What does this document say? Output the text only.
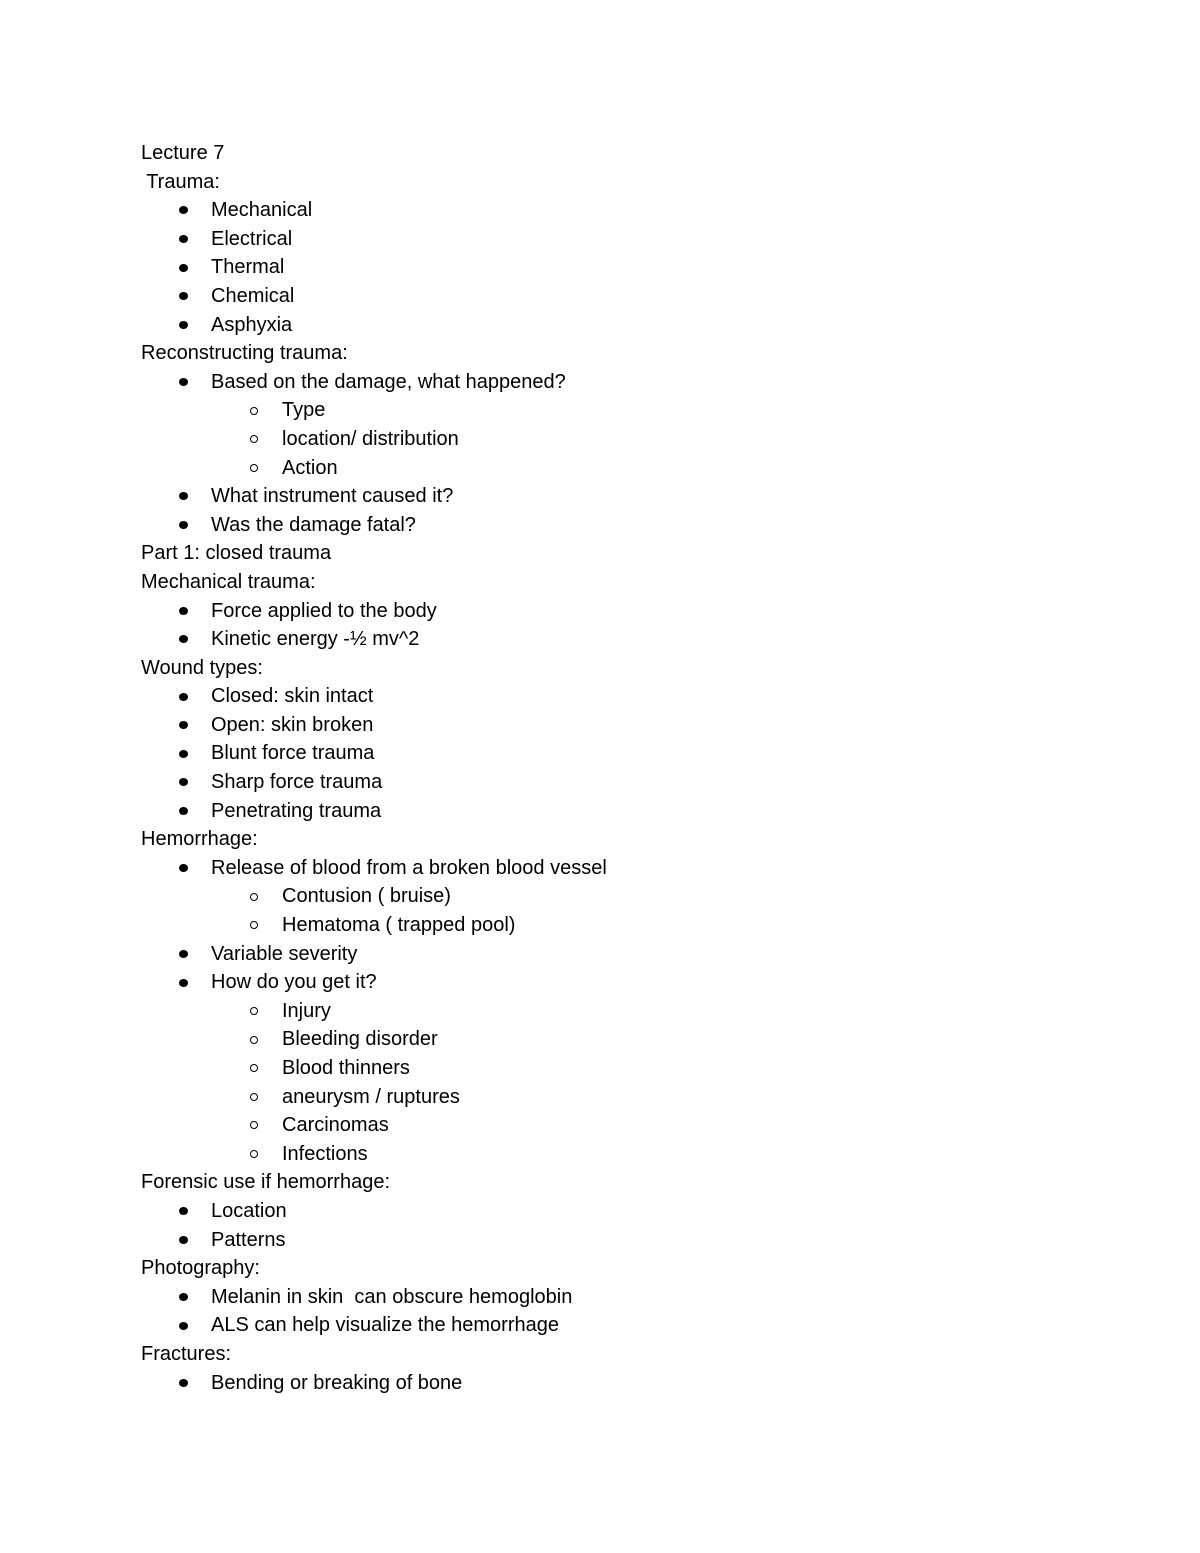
Lecture 7
Trauma:
Mechanical
Electrical
Thermal
Chemical
Asphyxia
Reconstructing trauma:
Based on the damage, what happened?
Type
location/ distribution
Action
What instrument caused it?
Was the damage fatal?
Part 1: closed trauma
Mechanical trauma:
Force applied to the body
Kinetic energy -½ mv^2
Wound types:
Closed: skin intact
Open: skin broken
Blunt force trauma
Sharp force trauma
Penetrating trauma
Hemorrhage:
Release of blood from a broken blood vessel
Contusion ( bruise)
Hematoma ( trapped pool)
Variable severity
How do you get it?
Injury
Bleeding disorder
Blood thinners
aneurysm / ruptures
Carcinomas
Infections
Forensic use if hemorrhage:
Location
Patterns
Photography:
Melanin in skin  can obscure hemoglobin
ALS can help visualize the hemorrhage
Fractures:
Bending or breaking of bone
